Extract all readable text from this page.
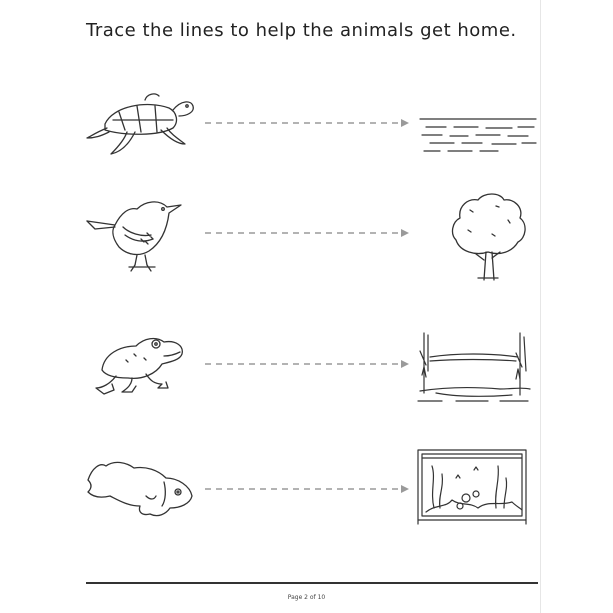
Trace the lines to help the animals get home.
Page 2 of 10
